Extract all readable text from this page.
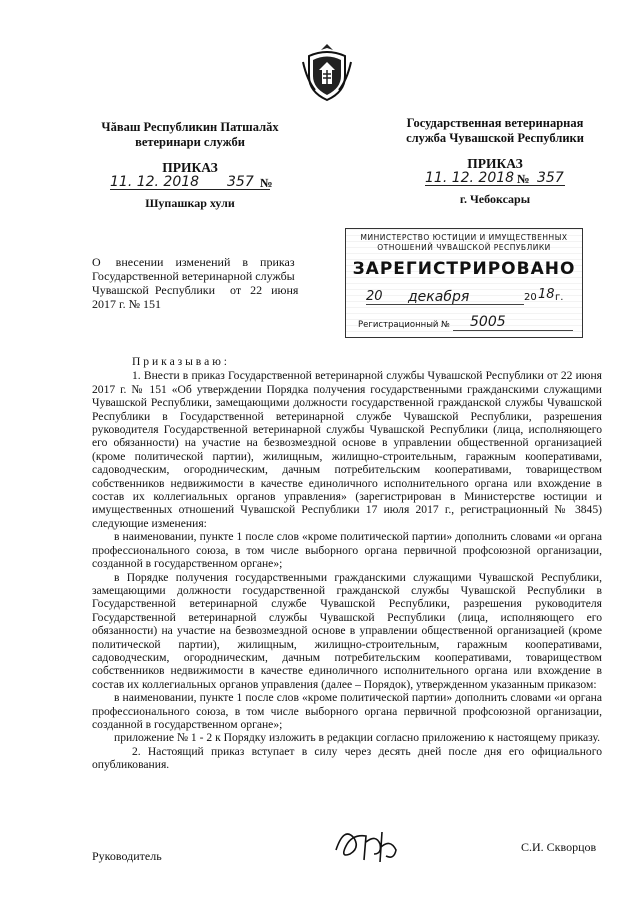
Чăваш Республикин Патшалăх
ветеринари служби
ПРИКАЗ
11. 12. 2018 357 №
Шупашкар хули
Государственная ветеринарная
служба Чувашской Республики
ПРИКАЗ
11. 12. 2018 № 357
г. Чебоксары
О     внесении    изменений    в    приказ
Государственной ветеринарной службы
Чувашской  Республики     от   22   июня
2017 г. № 151
МИНИСТЕРСТВО ЮСТИЦИИ И ИМУЩЕСТВЕННЫХ
ОТНОШЕНИЙ ЧУВАШСКОЙ РЕСПУБЛИКИ
ЗАРЕГИСТРИРОВАНО
20 декабря	20 18 г.
Регистрационный № 5005

П р и к а з ы в а ю :

1. Внести в приказ Государственной ветеринарной службы Чувашской Республики от 22 июня 2017 г. № 151 «Об утверждении Порядка получения государственными гражданскими служащими Чувашской Республики, замещающими должности государственной гражданской службы Чувашской Республики в Государственной ветеринарной службе Чувашской Республики, разрешения руководителя Государственной ветеринарной службы Чувашской Республики (лица, исполняющего его обязанности) на участие на безвозмездной основе в управлении общественной организацией (кроме политической партии), жилищным, жилищно-строительным, гаражным кооперативами, садоводческим, огородническим, дачным потребительским кооперативами, товариществом собственников недвижимости в качестве единоличного исполнительного органа или вхождение в состав их коллегиальных органов управления» (зарегистрирован в Министерстве юстиции и имущественных отношений Чувашской Республики 17 июля 2017 г., регистрационный № 3845) следующие изменения:

в наименовании, пункте 1 после слов «кроме политической партии» дополнить словами «и органа профессионального союза, в том числе выборного органа первичной профсоюзной организации, созданной в государственном органе»;

в Порядке получения государственными гражданскими служащими Чувашской Республики, замещающими должности государственной гражданской службы Чувашской Республики в Государственной ветеринарной службе Чувашской Республики, разрешения руководителя Государственной ветеринарной службы Чувашской Республики (лица, исполняющего его обязанности) на участие на безвозмездной основе в управлении общественной организацией (кроме политической партии), жилищным, жилищно-строительным, гаражным кооперативами, садоводческим, огородническим, дачным потребительским кооперативами, товариществом собственников недвижимости в качестве единоличного исполнительного органа или вхождение в состав их коллегиальных органов управления (далее – Порядок), утвержденном указанным приказом:

в наименовании, пункте 1 после слов «кроме политической партии» дополнить словами «и органа профессионального союза, в том числе выборного органа первичной профсоюзной организации, созданной в государственном органе»;

приложение № 1 - 2 к Порядку изложить в редакции согласно приложению к настоящему приказу.

2. Настоящий приказ вступает в силу через десять дней после дня его официального опубликования.

Руководитель
С.И. Скворцов
